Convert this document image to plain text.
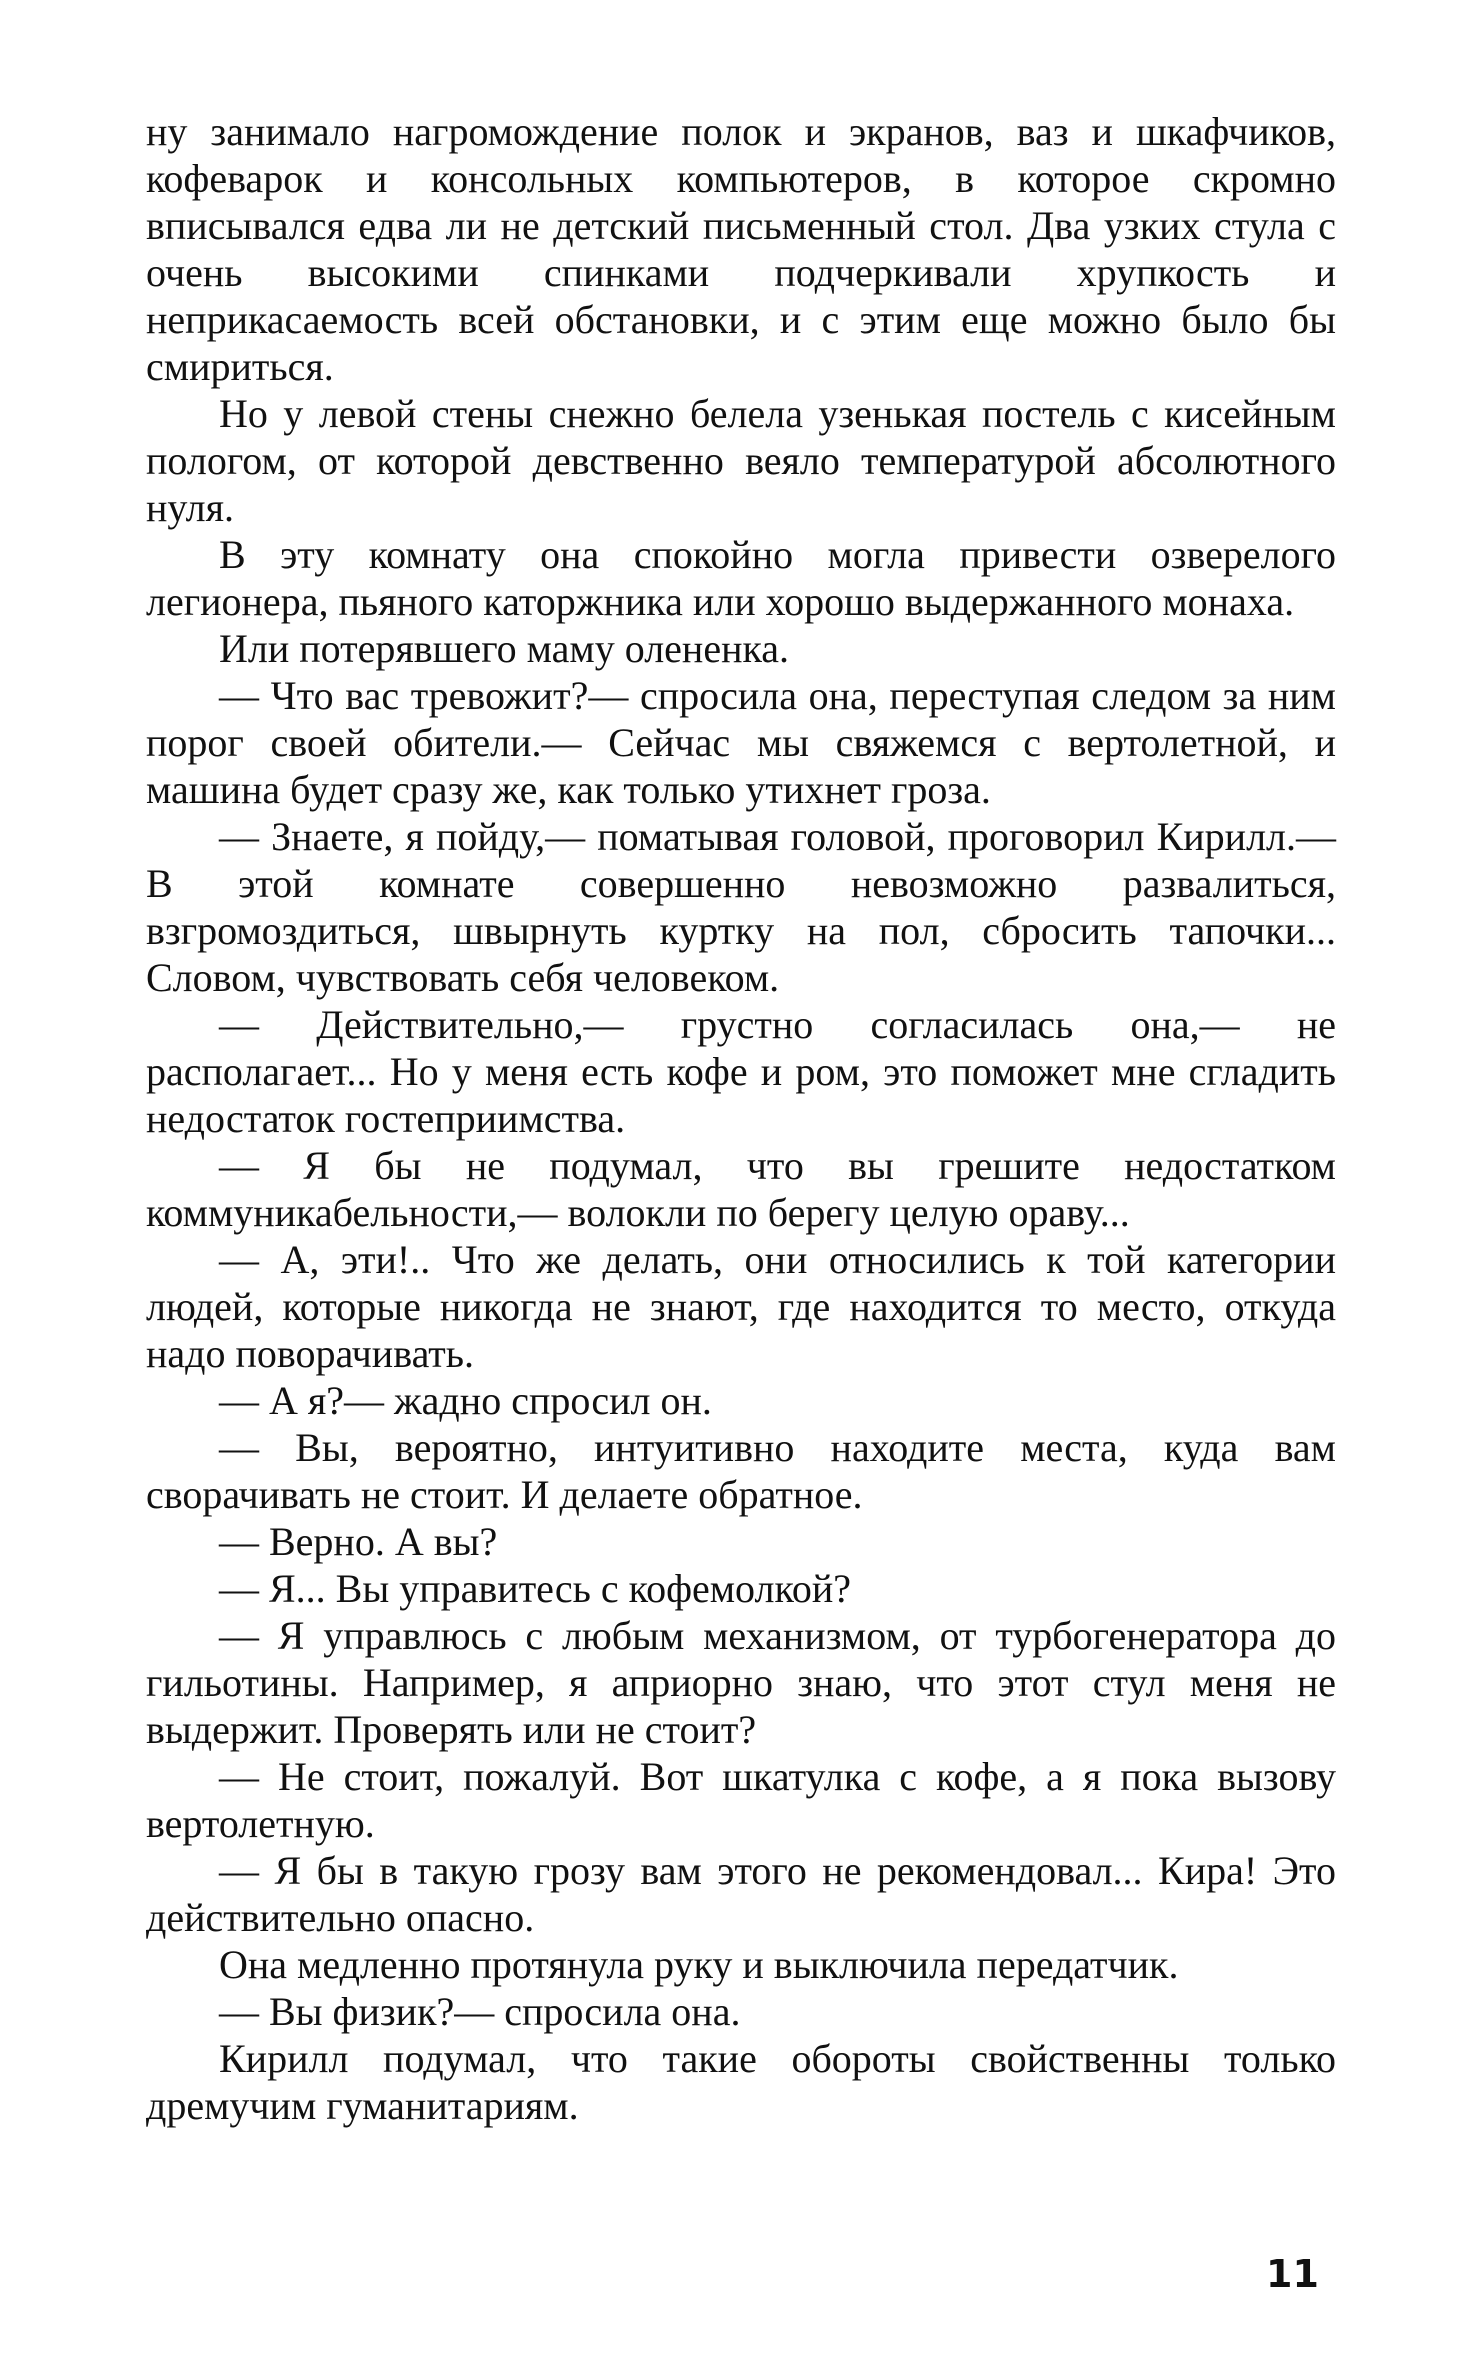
ну занимало нагромождение полок и экранов, ваз и шкафчиков, кофеварок и консольных компьютеров, в которое скромно вписывался едва ли не детский письменный стол. Два узких стула с очень высокими спинками подчеркивали хрупкость и неприкасаемость всей обстановки, и с этим еще можно было бы смириться.

Но у левой стены снежно белела узенькая постель с кисейным пологом, от которой девственно веяло температурой абсолютного нуля.

В эту комнату она спокойно могла привести озверелого легионера, пьяного каторжника или хорошо выдержанного монаха.

Или потерявшего маму олененка.

— Что вас тревожит?— спросила она, переступая следом за ним порог своей обители.— Сейчас мы свяжемся с вертолетной, и машина будет сразу же, как только утихнет гроза.

— Знаете, я пойду,— поматывая головой, проговорил Кирилл.— В этой комнате совершенно невозможно развалиться, взгромоздиться, швырнуть куртку на пол, сбросить тапочки... Словом, чувствовать себя человеком.

— Действительно,— грустно согласилась она,— не располагает... Но у меня есть кофе и ром, это поможет мне сгладить недостаток гостеприимства.

— Я бы не подумал, что вы грешите недостатком коммуникабельности,— волокли по берегу целую ораву...

— А, эти!.. Что же делать, они относились к той категории людей, которые никогда не знают, где находится то место, откуда надо поворачивать.

— А я?— жадно спросил он.

— Вы, вероятно, интуитивно находите места, куда вам сворачивать не стоит. И делаете обратное.

— Верно. А вы?

— Я... Вы управитесь с кофемолкой?

— Я управлюсь с любым механизмом, от турбогенератора до гильотины. Например, я априорно знаю, что этот стул меня не выдержит. Проверять или не стоит?

— Не стоит, пожалуй. Вот шкатулка с кофе, а я пока вызову вертолетную.

— Я бы в такую грозу вам этого не рекомендовал... Кира! Это действительно опасно.

Она медленно протянула руку и выключила передатчик.

— Вы физик?— спросила она.

Кирилл подумал, что такие обороты свойственны только дремучим гуманитариям.

11
